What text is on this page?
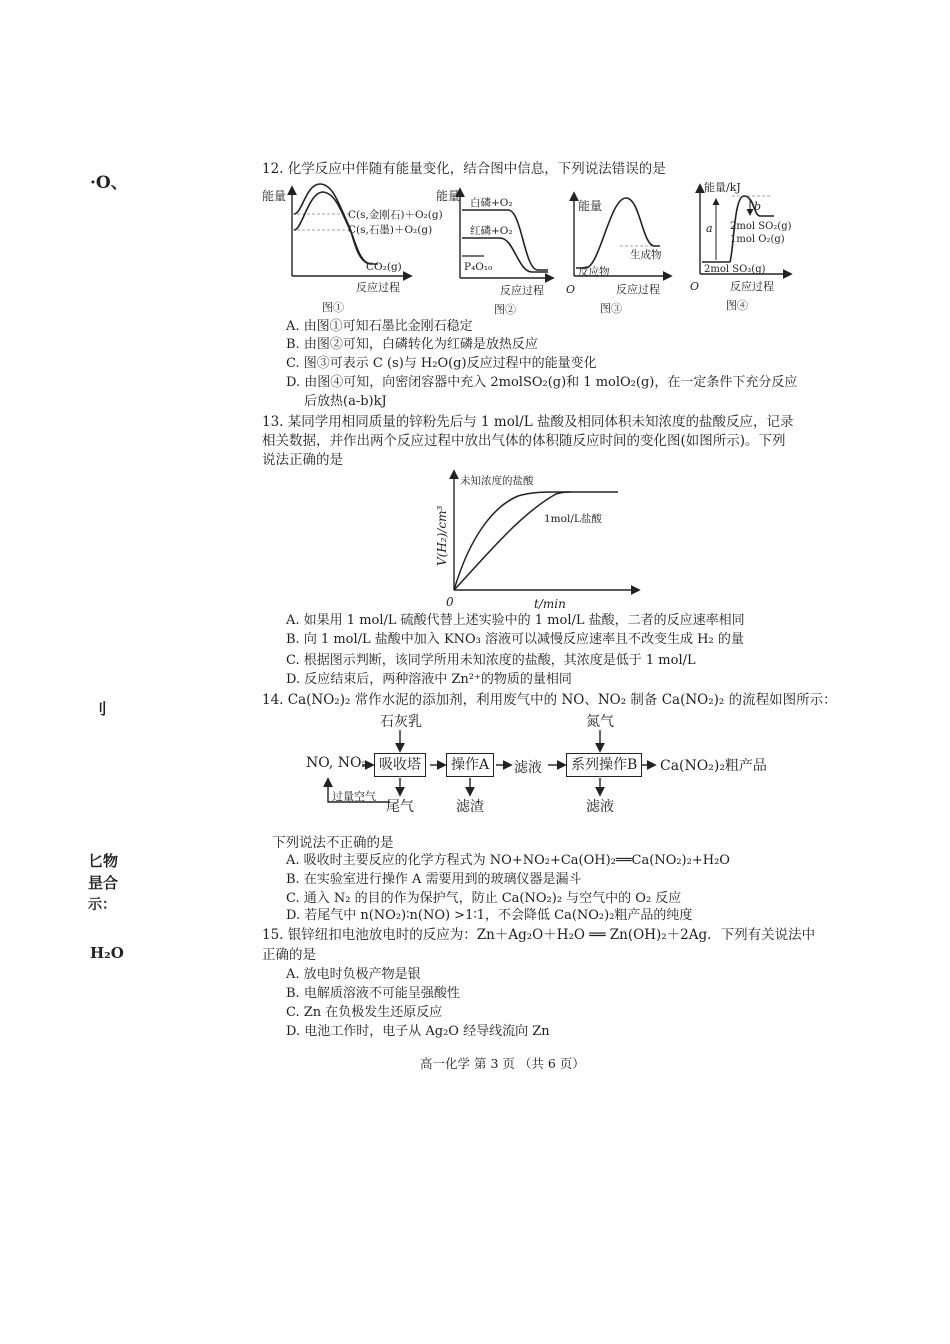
·O、
刂
匕物
昰合
示：
H₂O
12. 化学反应中伴随有能量变化，结合图中信息，下列说法错误的是
能量
C(s,金刚石)＋O₂(g)
C(s,石墨)＋O₂(g)
CO₂(g)
反应过程
图①
能量 白磷+O₂
红磷+O₂
P₄O₁₀
反应过程
图②
能量
生成物
反应物
O	反应过程
图③
能量/kJ
a
b
2mol SO₂(g)
1mol O₂(g)
2mol SO₃(g)
O	反应过程
图④
A. 由图①可知石墨比金刚石稳定
B. 由图②可知，白磷转化为红磷是放热反应
C. 图③可表示 C (s)与 H₂O(g)反应过程中的能量变化
D. 由图④可知，向密闭容器中充入 2molSO₂(g)和 1 molO₂(g)，在一定条件下充分反应
后放热(a-b)kJ
13. 某同学用相同质量的锌粉先后与 1 mol/L 盐酸及相同体积未知浓度的盐酸反应，记录
相关数据，并作出两个反应过程中放出气体的体积随反应时间的变化图(如图所示)。下列
说法正确的是
未知浓度的盐酸
1mol/L盐酸
V(H₂)/cm³
0	t/min
A. 如果用 1 mol/L 硫酸代替上述实验中的 1 mol/L 盐酸，二者的反应速率相同
B. 向 1 mol/L 盐酸中加入 KNO₃ 溶液可以减慢反应速率且不改变生成 H₂ 的量
C. 根据图示判断，该同学所用未知浓度的盐酸，其浓度是低于 1 mol/L
D. 反应结束后，两种溶液中 Zn²⁺的物质的量相同
14. Ca(NO₂)₂ 常作水泥的添加剂，利用废气中的 NO、NO₂ 制备 Ca(NO₂)₂ 的流程如图所示：
石灰乳	氮气
NO, NO₂ 吸收塔	操作A	滤液	系列操作B	Ca(NO₂)₂粗产品
过量空气
尾气	滤渣	滤液
下列说法不正确的是
A. 吸收时主要反应的化学方程式为 NO+NO₂+Ca(OH)₂══Ca(NO₂)₂+H₂O
B. 在实验室进行操作 A 需要用到的玻璃仪器是漏斗
C. 通入 N₂ 的目的作为保护气，防止 Ca(NO₂)₂ 与空气中的 O₂ 反应
D. 若尾气中 n(NO₂)∶n(NO) >1∶1，不会降低 Ca(NO₂)₂粗产品的纯度
15. 银锌纽扣电池放电时的反应为：Zn＋Ag₂O＋H₂O ══ Zn(OH)₂＋2Ag．下列有关说法中
正确的是
A. 放电时负极产物是银
B. 电解质溶液不可能呈强酸性
C. Zn 在负极发生还原反应
D. 电池工作时，电子从 Ag₂O 经导线流向 Zn
高一化学 第 3 页 （共 6 页）
